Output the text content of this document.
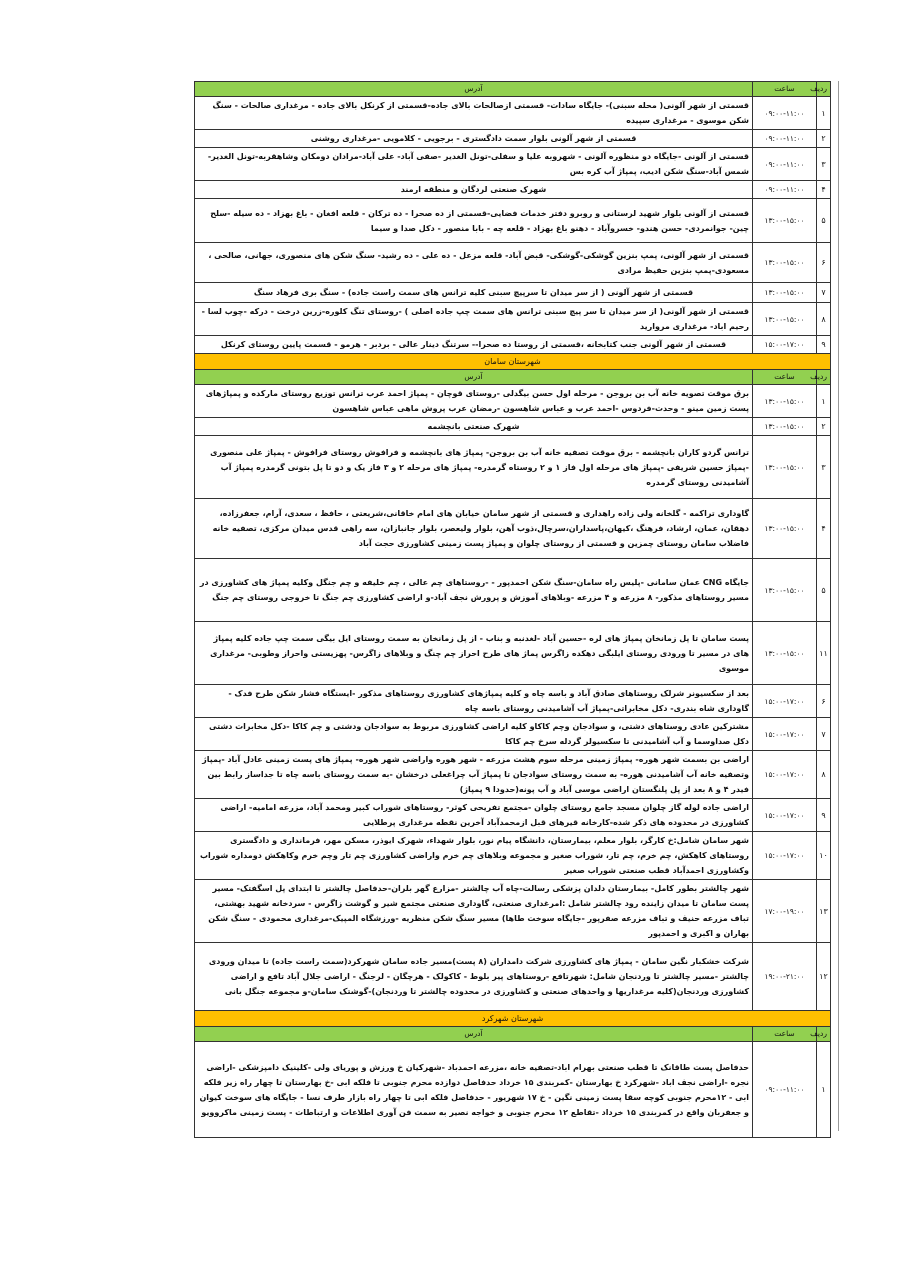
ردیف	ساعت	آدرس
۱	۰۹:۰۰-۱۱:۰۰	قسمتی از شهر آلونی( محله سبنی)- جایگاه سادات- قسمتی ازصالحات بالای جاده-قسمتی از کرنکل بالای جاده - مرغداری صالحات - سنگ شکن موسوی - مرغداری سپیده
۲	۰۹:۰۰-۱۱:۰۰	قسمتی از شهر آلونی بلوار سمت دادگستری - برجویی - کلامویی -مرغداری روشنی
۳	۰۹:۰۰-۱۱:۰۰	قسمتی از آلونی -جایگاه دو منظوره آلونی - شهروبه علیا و سفلی-تونل الغدیر -صفی آباد- علی آباد-مرادان دومکان وشاهقربه-تونل الغدیر-شمس آباد-سنگ شکن ادیب، پمپاژ آب کره بس
۴	۰۹:۰۰-۱۱:۰۰	شهرک صنعتی لردگان و منطقه ارمند
۵	۱۳:۰۰-۱۵:۰۰	قسمتی از آلونی بلوار شهید لرستانی و روبرو دفتر خدمات فضایی-قسمتی از ده صحرا - ده ترکان - قلعه افغان - باغ بهزاد - ده سیله -سلح چین- جوانمردی- حسن هندو- خسروآباد - دهنو باغ بهزاد - قلعه چه - بابا منصور - دکل صدا و سیما
۶	۱۳:۰۰-۱۵:۰۰	قسمتی از شهر آلونی، پمپ بنزین گوشکی-گوشکی- قبض آباد- قلعه مزعل - ده علی - ده رشید- سنگ شکن های منصوری، جهانی، صالحی ، مسعودی-پمپ بنزین حفیظ مرادی
۷	۱۳:۰۰-۱۵:۰۰	قسمتی از شهر آلونی ( از سر میدان تا سرپیچ سبنی کلیه ترانس های سمت راست جاده) - سنگ بری فرهاد سنگ
۸	۱۳:۰۰-۱۵:۰۰	قسمتی از شهر آلونی( از سر میدان تا سر پیچ سبنی ترانس های سمت چپ جاده اصلی ) -روستای تنگ کلوره-زرین درخت - درکه -چوب لسا - رحیم اباد- مرغداری مروارید
۹	۱۵:۰۰-۱۷:۰۰	قسمتی از شهر آلونی جنب کتابخانه ،قسمتی از روستا ده صحرا-- سرتنگ دینار عالی - بردبر - هرمو - قسمت پایین روستای کرنکل
شهرستان سامان		
ردیف	ساعت	آدرس
۱	۱۳:۰۰-۱۵:۰۰	برق موقت تصویه خانه آب بن بروجن - مرحله اول حسن بیگدلی -روستای قوچان - پمپاژ احمد عرب ترانس توزیع روستای مارکده و پمپاژهای پست زمین مینو - وحدت-فردوس -احمد عرب و عباس شاهسون -رمضان عرب پروش ماهی عباس شاهسون
۲	۱۳:۰۰-۱۵:۰۰	شهرک صنعتی بانچشمه
۳	۱۳:۰۰-۱۵:۰۰	ترانس گردو کاران بانچشمه - برق موقت تصفیه خانه آب بن بروجن- پمپاژ های بانچشمه و فرافوش روستای فرافوش - پمپاژ علی منصوری -پمپاژ حسین شریفی -پمپاژ های مرحله اول فاز ۱ و ۲ روستاه گرمدره- پمپاژ های مرحله ۲ و ۳ فاز یک و دو تا پل بتونی گرمدره پمپاژ آب آشامیدنی روستای گرمدره
۴	۱۳:۰۰-۱۵:۰۰	گاوداری تراکمه - گلخانه ولی زاده راهداری و قسمتی از شهر سامان خیابان های امام خاقانی،شریعتی ، حافظ ، سعدی، آرام، جعفرزاده، دهقان، عمان، ارشاد، فرهنگ ،کیهان،پاسداران،سرچال،ذوب آهن، بلوار ولیعصر، بلوار جانبازان، سه راهی قدس میدان مرکزی، تصفیه خانه فاضلاب سامان روستای چمزین و قسمتی از روستای چلوان و پمپاژ پست زمینی کشاورزی حجت آباد
۵	۱۳:۰۰-۱۵:۰۰	جایگاه CNG عمان سامانی -پلیس راه سامان-سنگ شکن احمدپور - -روستاهای چم عالی ، چم خلیفه و چم جنگل وکلیه پمپاژ های کشاورزی در مسیر روستاهای مذکور- ۸ مزرعه و ۴ مزرعه -وبلاهای آموزش و پرورش نجف آباد-و اراضی کشاورزی چم جنگ تا خروجی روستای چم جنگ
۱۱	۱۳:۰۰-۱۵:۰۰	پست سامان تا پل زمانخان پمپاژ های لره -حسین آباد -لغدنبه و بناب - از پل زمانخان به سمت روستای ایل بیگی سمت چپ جاده کلیه پمپاژ های در مسیر تا ورودی روستای ایلبگی دهکده زاگرس پماژ های طرح احراز چم چنگ و وبلاهای زاگرس- پهزیستی واحراز وطوبی- مرغداری موسوی
۶	۱۵:۰۰-۱۷:۰۰	بعد از سکسیونر شرلک روستاهای صادق آباد و باسه چاه و کلیه پمپاژهای کشاورزی روستاهای مذکور -ایستگاه فشار شکن طرح فدک - گاوداری شاه بندری- دکل مخابراتی-پمپاژ آب آشامیدنی روستای باسه چاه
۷	۱۵:۰۰-۱۷:۰۰	مشترکین عادی روستاهای دشتی، و سوادجان وچم کاکاو کلیه اراضی کشاورزی مربوط به سوادجان ودشتی و چم کاکا -دکل مخابرات دشتی دکل صداوسما و آب آشامیدنی تا سکسیولر گردله سرخ چم کاکا
۸	۱۵:۰۰-۱۷:۰۰	اراضی بن بسمت شهر هوره- پمپاژ زمینی مرحله سوم هشت مزرعه - شهر هوره واراضی شهر هوره- پمپاژ های پست زمینی عادل آباد -پمپاژ وتصفیه خانه آب آشامیدنی هوره- به سمت روستای سوادجان تا پمپاژ آب چراغعلی درخشان -به سمت روستای باسه چاه تا جداساز رابط بین فیدر ۴ و ۸ بعد از پل پلنگستان اراضی موسی آباد و آب پونه(حدودا ۹ پمپاژ)
۹	۱۵:۰۰-۱۷:۰۰	اراضی جاده لوله گاز چلوان مسجد جامع روستای چلوان -مجتمع تفریحی کوثر- روستاهای شوراب کبیر ومحمد آباد، مزرعه امامیه- اراضی کشاورزی در محدوده های ذکر شده-کارخانه قیرهای قبل ازمحمدآباد آخرین نقطه مرغداری پرطلایی
۱۰	۱۵:۰۰-۱۷:۰۰	شهر سامان شامل:خ کارگر، بلوار معلم، بیمارستان، دانشگاه پیام نور، بلوار شهداء، شهرک ایوذر، مسکن مهر، فرمانداری و دادگستری روستاهای کاهکش، چم خرم، چم تار، شوراب صغیر و مجموعه وبلاهای چم خرم واراضی کشاورزی چم تار وچم خرم وکاهکش دومداره شوراب وکشاورزی احمدآباد قطب صنعتی شوراب صغیر
۱۳	۱۷:۰۰-۱۹:۰۰	شهر چالشتر بطور کامل- بیمارستان دلدان پزشکی رسالت-چاه آب چالشتر -مزارع گهر بلران-حدفاصل چالشتر تا ابتدای پل اسگفتک- مسیر پست سامان تا میدان زاینده رود چالشتر شامل :امرغداری صنعتی، گاوداری صنعتی مجتمع شیر و گوشت زاگرس - سردخانه شهید بهشتی، تباف مزرعه حنیف و تباف مزرعه صفرپور -جایگاه سوخت طاها) مسیر سنگ شکن منظریه -ورزشگاه المپیک-مرغداری محمودی - سنگ شکن بهاران و اکبری و احمدپور
۱۲	۱۹:۰۰-۲۱:۰۰	شرکت خشکبار نگین سامان - پمپاژ های کشاورزی شرکت دامداران (۸ پست)مسیر جاده سامان شهرکرد(سمت راست جاده) تا میدان ورودی چالشتر -مسیر چالشتر تا وردنجان شامل: شهرتافع -روستاهای پیر بلوط - کاکولک - هرچگان - لرجنگ - اراضی جلال آباد تافع و اراضی کشاورزی وردنجان(کلیه مرغداریها و واحدهای صنعتی و کشاورزی در محدوده چالشتر تا وردنجان)-گوشتک سامان-و مجموعه جنگل بانی
شهرستان شهرکرد		
ردیف	ساعت	آدرس
۱	۰۹:۰۰-۱۱:۰۰	حدفاصل پست طاقانک تا قطب صنعتی بهرام اباد-تصفیه خانه ،مزرعه احمدباد -شهرکیان خ ورزش و پوریای ولی -کلینیک دامپزشکی -اراضی نجره -اراضی نجف اباد -شهرکرد خ بهارستان -کمربندی ۱۵ خرداد حدفاصل دوازده محرم جنوبی تا فلکه ابی -خ بهارستان تا چهار راه زیر فلکه ابی - ۱۲محرم جنوبی کوچه سقا پست زمینی نگین - خ ۱۷ شهریور - حدفاصل فلکه ابی تا چهار راه بازار طرف نسا - جایگاه های سوخت کیوان و جعفربان واقع در کمربندی ۱۵ خرداد -تقاطع ۱۲ محرم جنوبی و خواجه نصیر به سمت فن آوری اطلاعات و ارتباطات - پست زمینی ماکروویو
